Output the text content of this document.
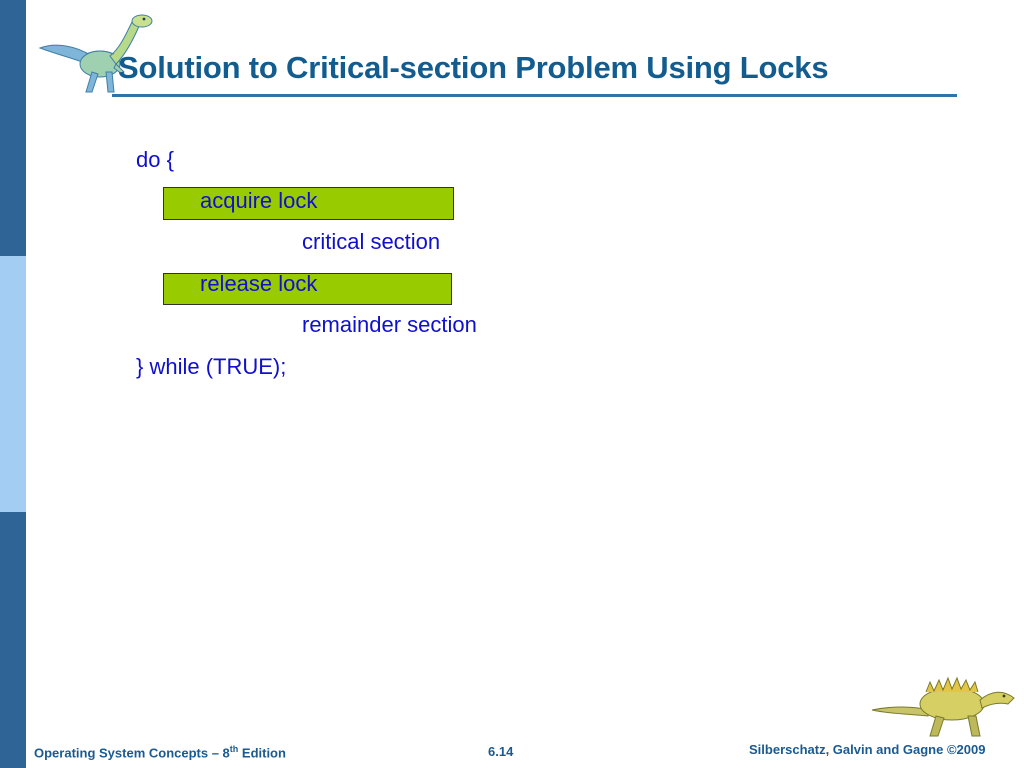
Solution to Critical-section Problem Using Locks
do {
acquire lock
critical section
release lock
remainder section
} while (TRUE);
Operating System Concepts – 8th Edition	6.14	Silberschatz, Galvin and Gagne ©2009
